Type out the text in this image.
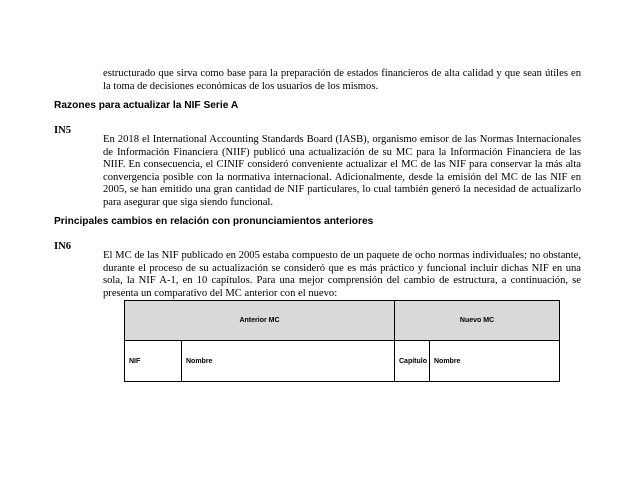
estructurado que sirva como base para la preparación de estados financieros de alta calidad y que sean útiles en la toma de decisiones económicas de los usuarios de los mismos.
Razones para actualizar la NIF Serie A
IN5
En 2018 el International Accounting Standards Board (IASB), organismo emisor de las Normas Internacionales de Información Financiera (NIIF) publicó una actualización de su MC para la Información Financiera de las NIIF. En consecuencia, el CINIF consideró conveniente actualizar el MC de las NIF para conservar la más alta convergencia posible con la normativa internacional. Adicionalmente, desde la emisión del MC de las NIF en 2005, se han emitido una gran cantidad de NIF particulares, lo cual también generó la necesidad de actualizarlo para asegurar que siga siendo funcional.
Principales cambios en relación con pronunciamientos anteriores
IN6
El MC de las NIF publicado en 2005 estaba compuesto de un paquete de ocho normas individuales; no obstante, durante el proceso de su actualización se consideró que es más práctico y funcional incluir dichas NIF en una sola, la NIF A-1, en 10 capítulos. Para una mejor comprensión del cambio de estructura, a continuación, se presenta un comparativo del MC anterior con el nuevo:
Anterior MC		Nuevo MC	
NIF	Nombre	Capítulo	Nombre
